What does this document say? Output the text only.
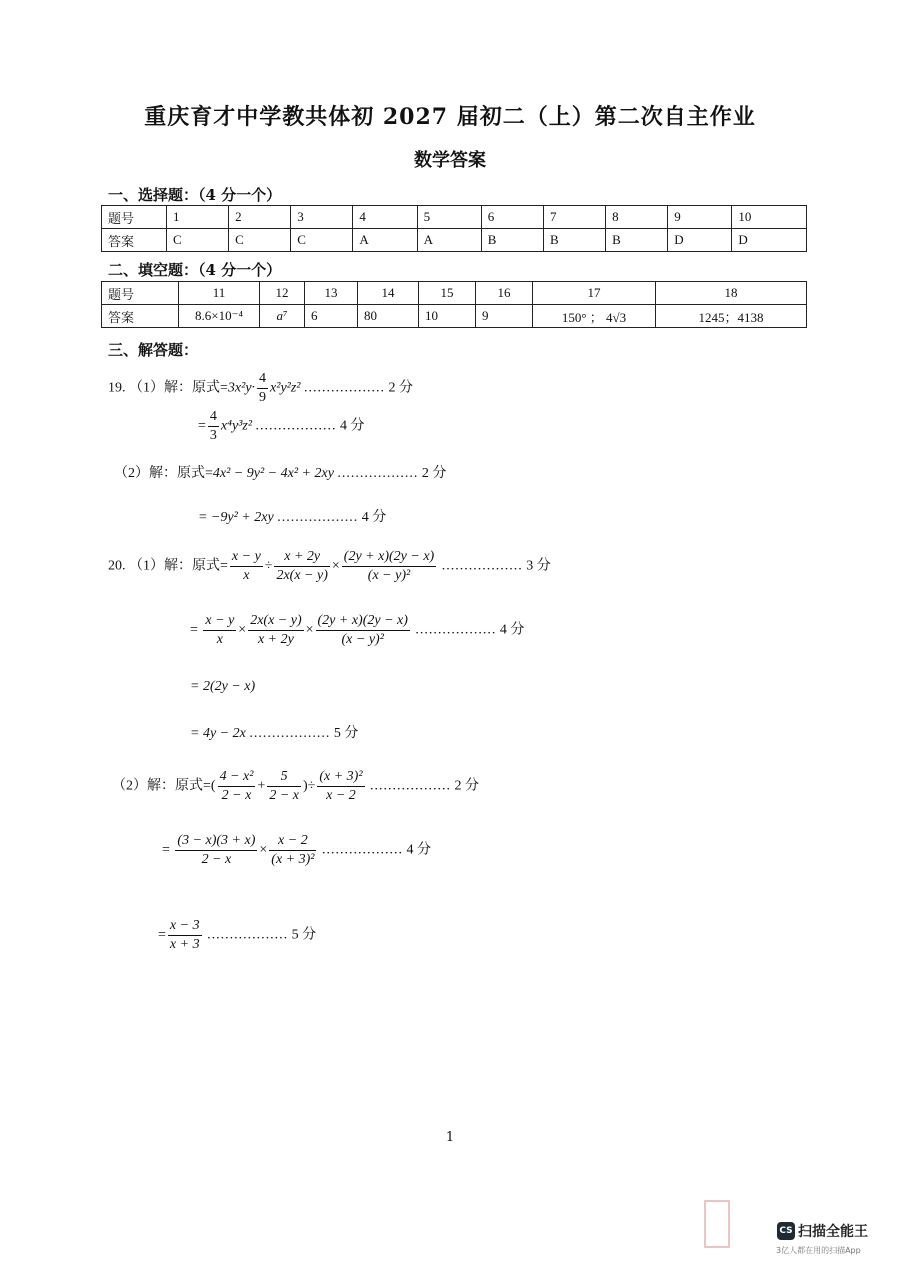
重庆育才中学教共体初 2027 届初二（上）第二次自主作业
数学答案
一、选择题：（4 分一个）
题号	1	2	3	4	5	6	7	8	9	10
答案	C	C	C	A	A	B	B	B	D	D
二、填空题：（4 分一个）
题号	11	12	13	14	15	16	17	18
答案	8.6×10⁻⁴	a⁷	6	80	10	9	150° ； 4√3	1245；4138
三、解答题：
19. （1）解：原式$=3x^2y\cdot \frac{4}{9} x^2y^2z^2$ .................. 2 分
= $\frac{4}{3} x^4y^3z^2$ .................. 4 分
（2）解：原式=4x² − 9y² − 4x² + 2xy .................. 2 分
= −9y² + 2xy .................. 4 分
20. （1）解：原式= $\frac{x - y}{x} \div \frac{x + 2y}{2x(x - y)} \times \frac{(2y + x)(2y - x)}{\text{(x − y)²}}$ .................. 3 分
= $\frac{x - y}{x} \times \frac{2x(x - y)}{x + 2y} \times \frac{(2y + x)(2y - x)}{\text{(x − y)²}}$ .................. 4 分
= 2(2y − x)
= 4y − 2x .................. 5 分
（2）解：原式=( $\frac{\text{4 − x²}}{2 - x} + \frac{5}{2 - x}$ )÷ $\frac{\text{(x + 3)²}}{x - 2}$ .................. 2 分
= $\frac{(3 - x)(3 + x)}{2 - x} \times \frac{x - 2}{\text{(x + 3)²}}$ .................. 4 分
= $\frac{x - 3}{x + 3}$ .................. 5 分
1
CS 扫描全能王
3亿人都在用的扫描App
